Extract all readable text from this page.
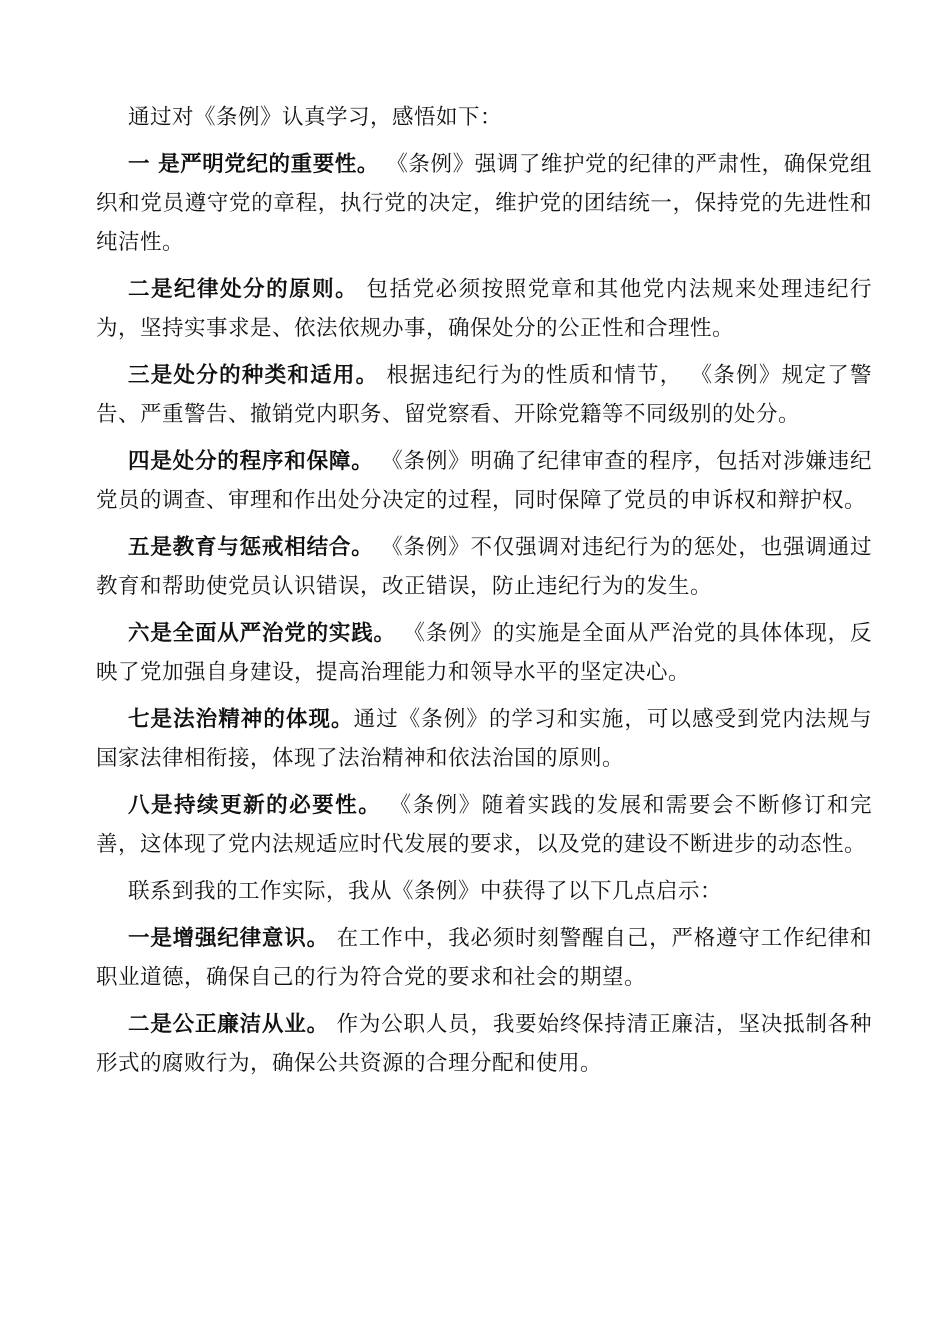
通过对《条例》认真学习，感悟如下：

一 是严明党纪的重要性。 《条例》强调了维护党的纪律的严肃性，确保党组织和党员遵守党的章程，执行党的决定，维护党的团结统一，保持党的先进性和纯洁性。

二是纪律处分的原则。 包括党必须按照党章和其他党内法规来处理违纪行为，坚持实事求是、依法依规办事，确保处分的公正性和合理性。

三是处分的种类和适用。 根据违纪行为的性质和情节， 《条例》规定了警告、严重警告、撤销党内职务、留党察看、开除党籍等不同级别的处分。

四是处分的程序和保障。 《条例》明确了纪律审查的程序，包括对涉嫌违纪党员的调查、审理和作出处分决定的过程，同时保障了党员的申诉权和辩护权。

五是教育与惩戒相结合。 《条例》不仅强调对违纪行为的惩处，也强调通过教育和帮助使党员认识错误，改正错误，防止违纪行为的发生。

六是全面从严治党的实践。 《条例》的实施是全面从严治党的具体体现，反映了党加强自身建设，提高治理能力和领导水平的坚定决心。

七是法治精神的体现。通过《条例》的学习和实施，可以感受到党内法规与国家法律相衔接，体现了法治精神和依法治国的原则。

八是持续更新的必要性。 《条例》随着实践的发展和需要会不断修订和完善，这体现了党内法规适应时代发展的要求，以及党的建设不断进步的动态性。

联系到我的工作实际，我从《条例》中获得了以下几点启示：

一是增强纪律意识。 在工作中，我必须时刻警醒自己，严格遵守工作纪律和职业道德，确保自己的行为符合党的要求和社会的期望。

二是公正廉洁从业。 作为公职人员，我要始终保持清正廉洁，坚决抵制各种形式的腐败行为，确保公共资源的合理分配和使用。
